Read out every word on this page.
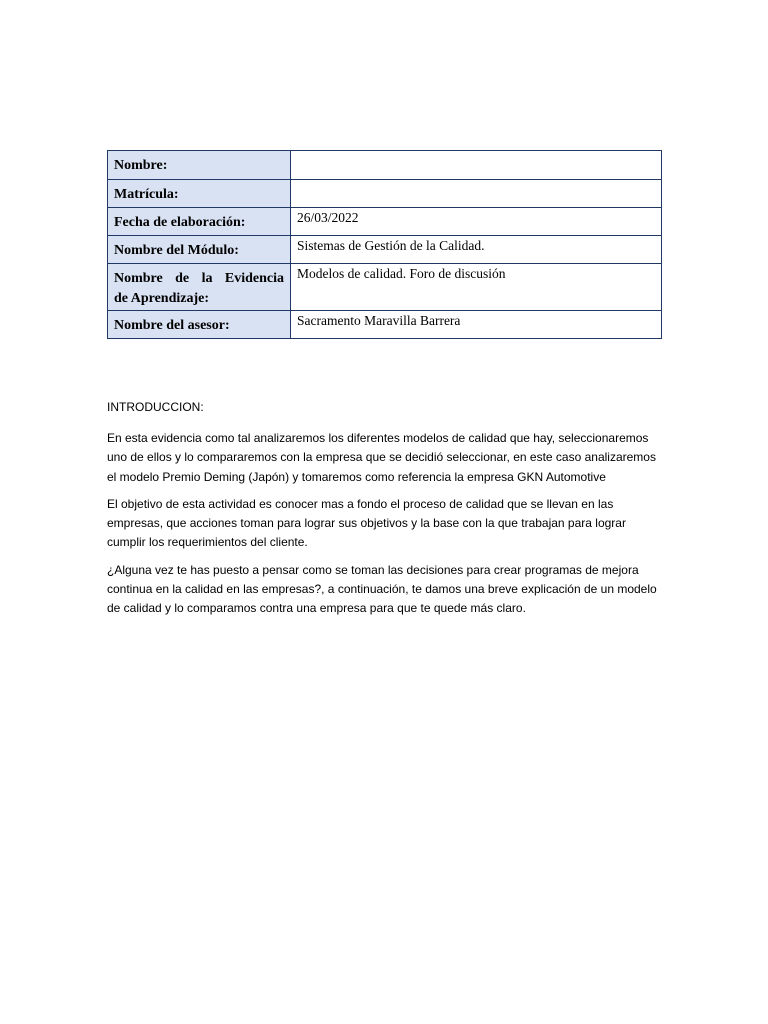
Nombre:	
Matrícula:	
Fecha de elaboración:	26/03/2022
Nombre del Módulo:	Sistemas de Gestión de la Calidad.
Nombre de la Evidencia
de Aprendizaje:	Modelos de calidad. Foro de discusión
Nombre del asesor:	Sacramento Maravilla Barrera
INTRODUCCION:

En esta evidencia como tal analizaremos los diferentes modelos de calidad que hay, seleccionaremos uno de ellos y lo compararemos con la empresa que se decidió seleccionar, en este caso analizaremos el modelo Premio Deming (Japón) y tomaremos como referencia la empresa GKN Automotive

El objetivo de esta actividad es conocer mas a fondo el proceso de calidad que se llevan en las empresas, que acciones toman para lograr sus objetivos y la base con la que trabajan para lograr cumplir los requerimientos del cliente.

¿Alguna vez te has puesto a pensar como se toman las decisiones para crear programas de mejora continua en la calidad en las empresas?, a continuación, te damos una breve explicación de un modelo de calidad y lo comparamos contra una empresa para que te quede más claro.
